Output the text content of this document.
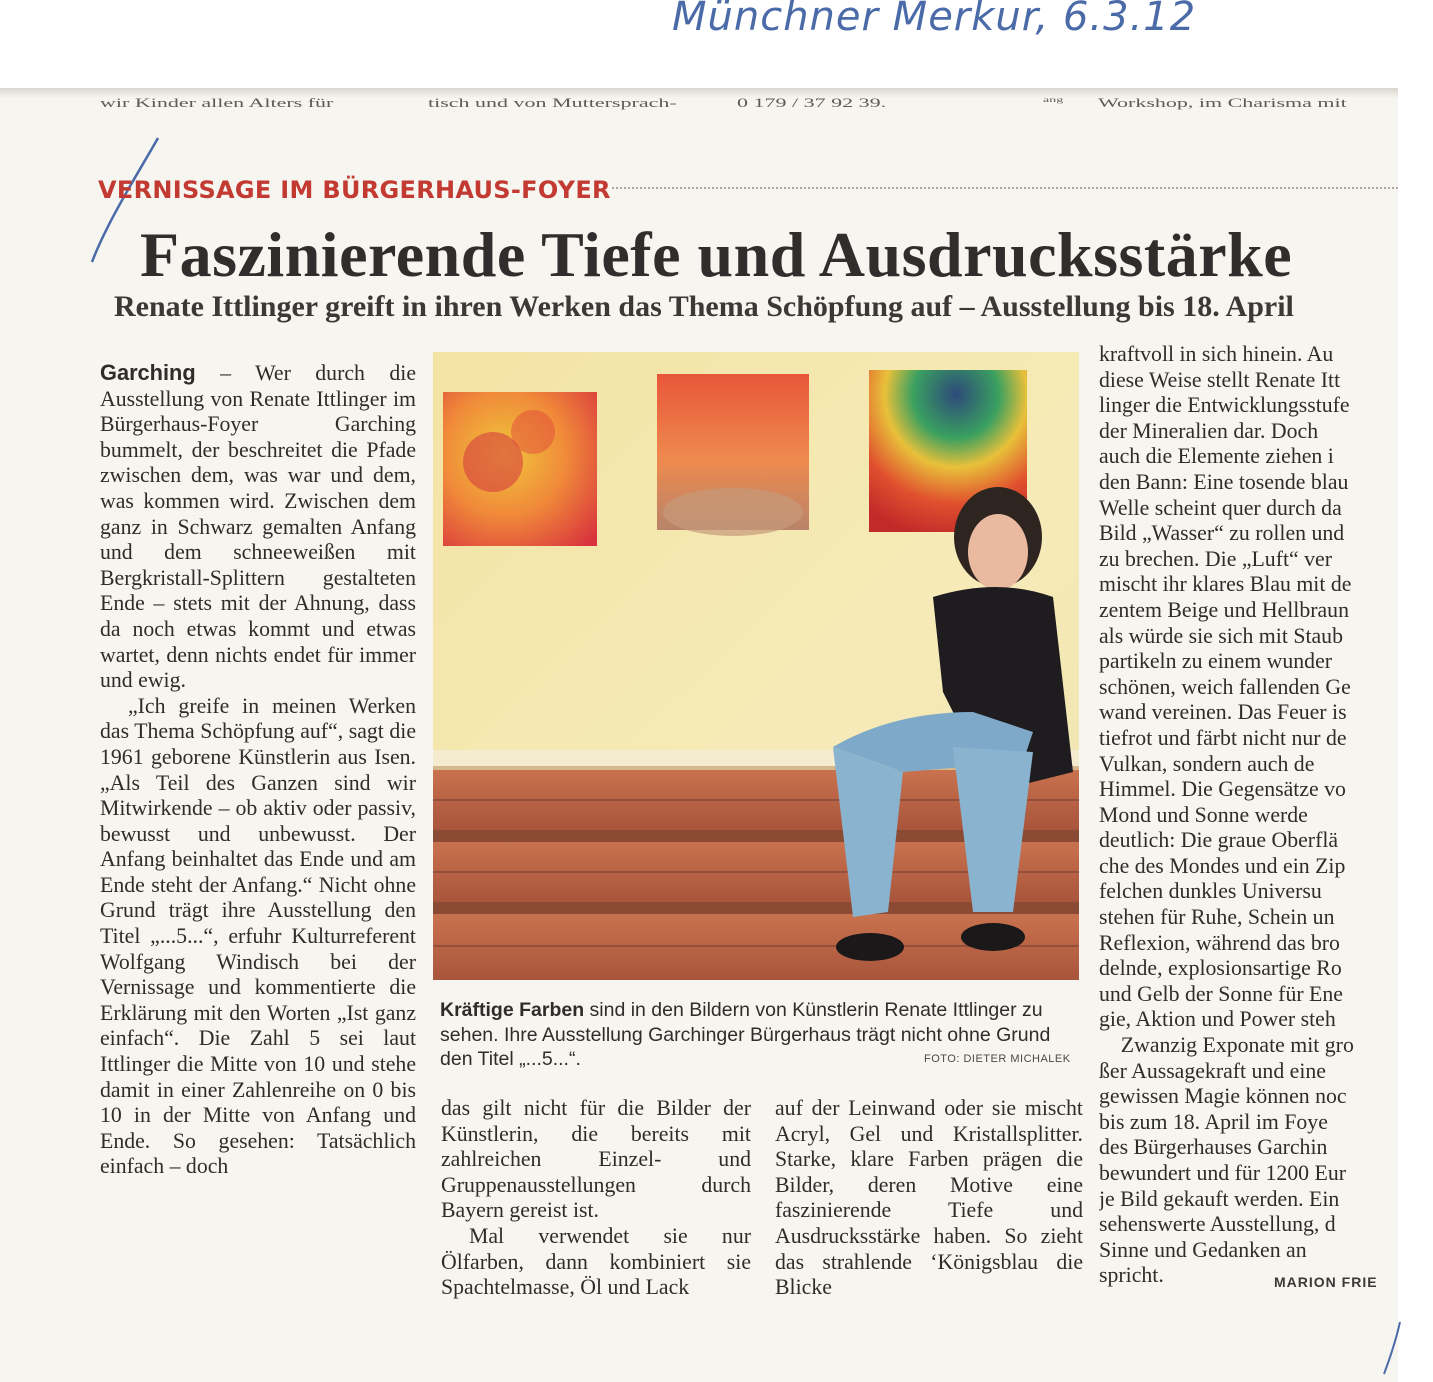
Münchner Merkur, 6.3.12
wir Kinder allen Alters für	tisch und von Muttersprach-	0 179 / 37 92 39.	ang Workshop, im Charisma mit
VERNISSAGE IM BÜRGERHAUS-FOYER
Faszinierende Tiefe und Ausdrucksstärke
Renate Ittlinger greift in ihren Werken das Thema Schöpfung auf – Ausstellung bis 18. April

Garching – Wer durch die Ausstellung von Renate Ittlinger im Bürgerhaus-Foyer Garching bummelt, der beschreitet die Pfade zwischen dem, was war und dem, was kommen wird. Zwischen dem ganz in Schwarz gemalten Anfang und dem schneeweißen mit Bergkristall-Splittern gestalteten Ende – stets mit der Ahnung, dass da noch etwas kommt und etwas wartet, denn nichts endet für immer und ewig.

„Ich greife in meinen Werken das Thema Schöpfung auf“, sagt die 1961 geborene Künstlerin aus Isen. „Als Teil des Ganzen sind wir Mitwirkende – ob aktiv oder passiv, bewusst und unbewusst. Der Anfang beinhaltet das Ende und am Ende steht der Anfang.“ Nicht ohne Grund trägt ihre Ausstellung den Titel „...5...“, erfuhr Kulturreferent Wolfgang Windisch bei der Vernissage und kommentierte die Erklärung mit den Worten „Ist ganz einfach“. Die Zahl 5 sei laut Ittlinger die Mitte von 10 und stehe damit in einer Zahlenreihe on 0 bis 10 in der Mitte von Anfang und Ende. So gesehen: Tatsächlich einfach – doch

Kräftige Farben sind in den Bildern von Künstlerin Renate Ittlinger zu sehen. Ihre Ausstellung Garchinger Bürgerhaus trägt nicht ohne Grund den Titel „...5...“.	FOTO: DIETER MICHALEK

das gilt nicht für die Bilder der Künstlerin, die bereits mit zahlreichen Einzel- und Gruppenausstellungen durch Bayern gereist ist.

Mal verwendet sie nur Ölfarben, dann kombiniert sie Spachtelmasse, Öl und Lack

auf der Leinwand oder sie mischt Acryl, Gel und Kristallsplitter. Starke, klare Farben prägen die Bilder, deren Motive eine faszinierende Tiefe und Ausdrucksstärke haben. So zieht das strahlende ‘Königsblau die Blicke

kraftvoll in sich hinein. Au

diese Weise stellt Renate Itt

linger die Entwicklungsstufe

der Mineralien dar. Doch

auch die Elemente ziehen i

den Bann: Eine tosende blau

Welle scheint quer durch da

Bild „Wasser“ zu rollen und

zu brechen. Die „Luft“ ver

mischt ihr klares Blau mit de

zentem Beige und Hellbraun

als würde sie sich mit Staub

partikeln zu einem wunder

schönen, weich fallenden Ge

wand vereinen. Das Feuer is

tiefrot und färbt nicht nur de

Vulkan, sondern auch de

Himmel. Die Gegensätze vo

Mond und Sonne werde

deutlich: Die graue Oberflä

che des Mondes und ein Zip

felchen dunkles Universu

stehen für Ruhe, Schein un

Reflexion, während das bro

delnde, explosionsartige Ro

und Gelb der Sonne für Ene

gie, Aktion und Power steh

Zwanzig Exponate mit gro

ßer Aussagekraft und eine

gewissen Magie können noc

bis zum 18. April im Foye

des Bürgerhauses Garchin

bewundert und für 1200 Eur

je Bild gekauft werden. Ein

sehenswerte Ausstellung, d

Sinne und Gedanken an

spricht.	MARION FRIE
